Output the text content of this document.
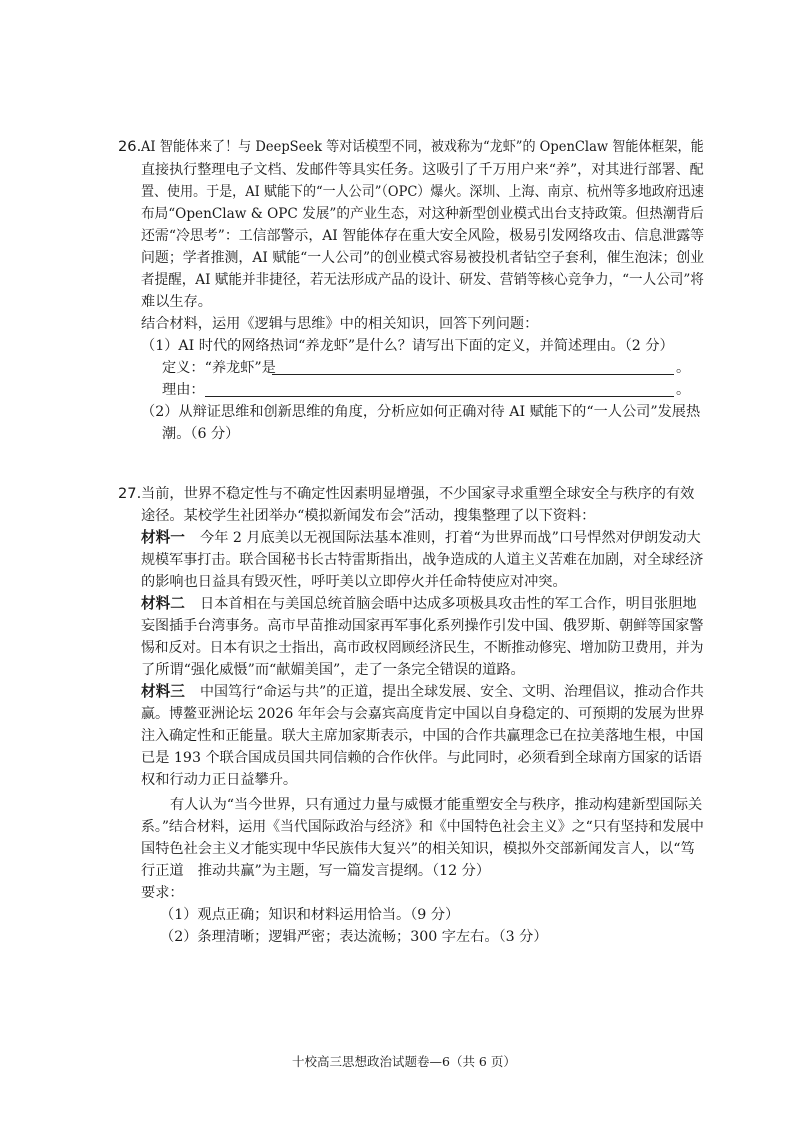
26. AI 智能体来了！与 DeepSeek 等对话模型不同，被戏称为“龙虾”的 OpenClaw 智能体框架，能
直接执行整理电子文档、发邮件等具实任务。这吸引了千万用户来“养”，对其进行部署、配
置、使用。于是，AI 赋能下的“一人公司”（OPC）爆火。深圳、上海、南京、杭州等多地政府迅速
布局“OpenClaw & OPC 发展”的产业生态，对这种新型创业模式出台支持政策。但热潮背后
还需“冷思考”：工信部警示，AI 智能体存在重大安全风险，极易引发网络攻击、信息泄露等
问题；学者推测，AI 赋能“一人公司”的创业模式容易被投机者钻空子套利，催生泡沫；创业
者提醒，AI 赋能并非捷径，若无法形成产品的设计、研发、营销等核心竞争力，“一人公司”将
难以生存。
结合材料，运用《逻辑与思维》中的相关知识，回答下列问题：
（1）AI 时代的网络热词“养龙虾”是什么？请写出下面的定义，并简述理由。（2 分）
定义：“养龙虾”是	。
理由：	。
（2）从辩证思维和创新思维的角度，分析应如何正确对待 AI 赋能下的“一人公司”发展热
潮。（6 分）
27. 当前，世界不稳定性与不确定性因素明显增强，不少国家寻求重塑全球安全与秩序的有效
途径。某校学生社团举办“模拟新闻发布会”活动，搜集整理了以下资料：
材料一 今年 2 月底美以无视国际法基本准则，打着“为世界而战”口号悍然对伊朗发动大
规模军事打击。联合国秘书长古特雷斯指出，战争造成的人道主义苦难在加剧，对全球经济
的影响也日益具有毁灭性，呼吁美以立即停火并任命特使应对冲突。
材料二 日本首相在与美国总统首脑会晤中达成多项极具攻击性的军工合作，明目张胆地
妄图插手台湾事务。高市早苗推动国家再军事化系列操作引发中国、俄罗斯、朝鲜等国家警
惕和反对。日本有识之士指出，高市政权罔顾经济民生，不断推动修宪、增加防卫费用，并为
了所谓“强化威慑”而“献媚美国”，走了一条完全错误的道路。
材料三 中国笃行“命运与共”的正道，提出全球发展、安全、文明、治理倡议，推动合作共
赢。博鳌亚洲论坛 2026 年年会与会嘉宾高度肯定中国以自身稳定的、可预期的发展为世界
注入确定性和正能量。联大主席加家斯表示，中国的合作共赢理念已在拉美落地生根，中国
已是 193 个联合国成员国共同信赖的合作伙伴。与此同时，必须看到全球南方国家的话语
权和行动力正日益攀升。
有人认为“当今世界，只有通过力量与威慑才能重塑安全与秩序，推动构建新型国际关
系。”结合材料，运用《当代国际政治与经济》和《中国特色社会主义》之“只有坚持和发展中
国特色社会主义才能实现中华民族伟大复兴”的相关知识，模拟外交部新闻发言人，以“笃
行正道　推动共赢”为主题，写一篇发言提纲。（12 分）
要求：
（1）观点正确；知识和材料运用恰当。（9 分）
（2）条理清晰；逻辑严密；表达流畅；300 字左右。（3 分）
十校高三思想政治试题卷—6（共 6 页）
